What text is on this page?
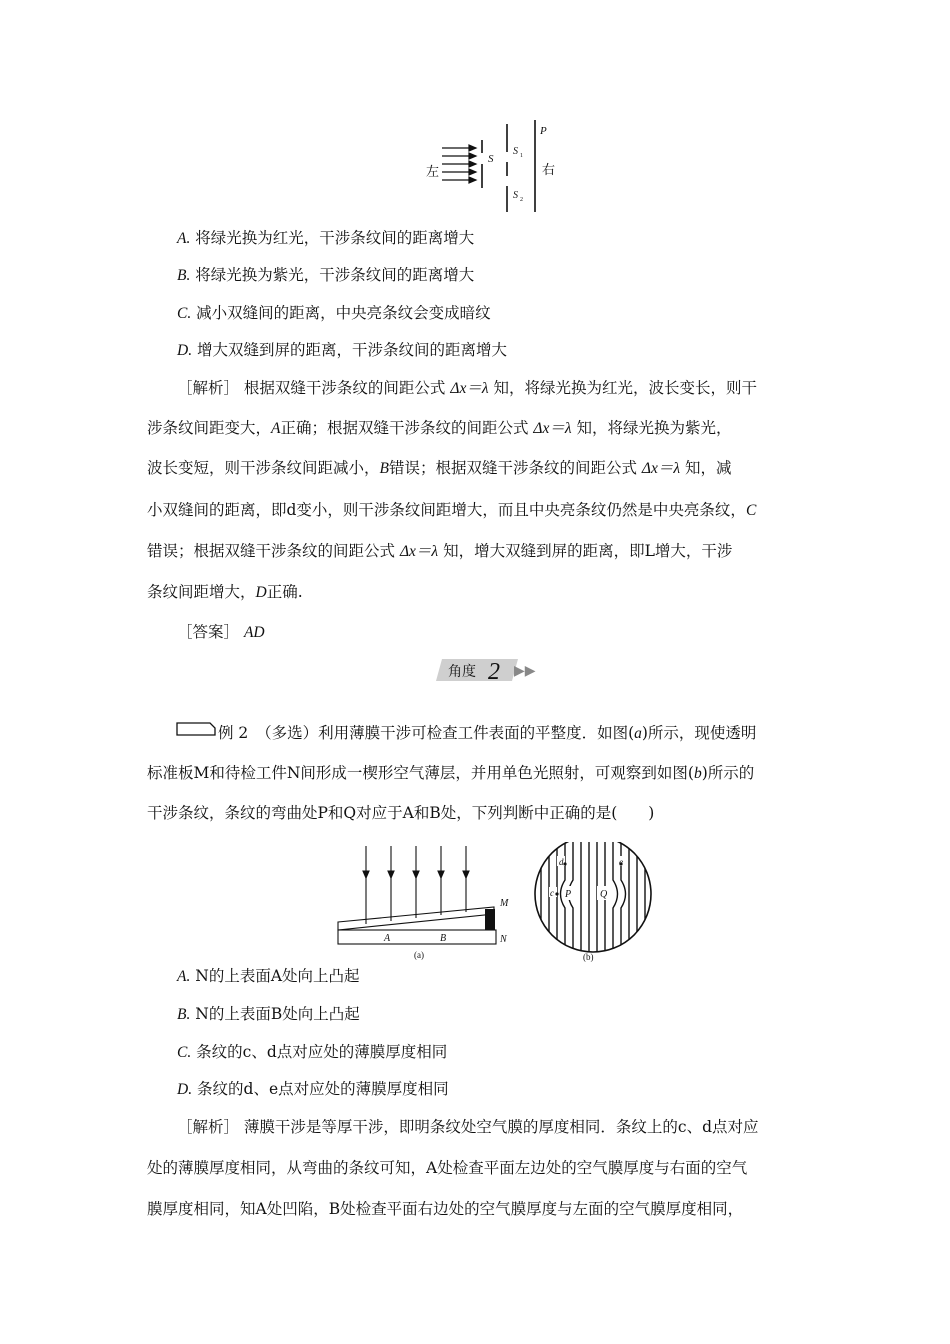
左
S
S 1
S 2
P
右
A. 将绿光换为红光，干涉条纹间的距离增大
B. 将绿光换为紫光，干涉条纹间的距离增大
C. 减小双缝间的距离，中央亮条纹会变成暗纹
D. 增大双缝到屏的距离，干涉条纹间的距离增大
［解析］ 根据双缝干涉条纹的间距公式 Δx＝λ 知，将绿光换为红光，波长变长，则干
涉条纹间距变大，A正确；根据双缝干涉条纹的间距公式 Δx＝λ 知，将绿光换为紫光，
波长变短，则干涉条纹间距减小，B错误；根据双缝干涉条纹的间距公式 Δx＝λ 知，减
小双缝间的距离，即d变小，则干涉条纹间距增大，而且中央亮条纹仍然是中央亮条纹，C
错误；根据双缝干涉条纹的间距公式 Δx＝λ 知，增大双缝到屏的距离，即L增大，干涉
条纹间距增大，D正确.
［答案］ AD
角度 2 ▶▶
例 2　 （多选）利用薄膜干涉可检查工件表面的平整度．如图(a)所示，现使透明
标准板M和待检工件N间形成一楔形空气薄层，并用单色光照射，可观察到如图(b)所示的
干涉条纹，条纹的弯曲处P和Q对应于A和B处，下列判断中正确的是(　　)
M
N
A	B
(a)
d	e
c P	Q
(b)
A. N的上表面A处向上凸起
B. N的上表面B处向上凸起
C. 条纹的c、d点对应处的薄膜厚度相同
D. 条纹的d、e点对应处的薄膜厚度相同
［解析］ 薄膜干涉是等厚干涉，即明条纹处空气膜的厚度相同．条纹上的c、d点对应
处的薄膜厚度相同，从弯曲的条纹可知，A处检查平面左边处的空气膜厚度与右面的空气
膜厚度相同，知A处凹陷，B处检查平面右边处的空气膜厚度与左面的空气膜厚度相同，
